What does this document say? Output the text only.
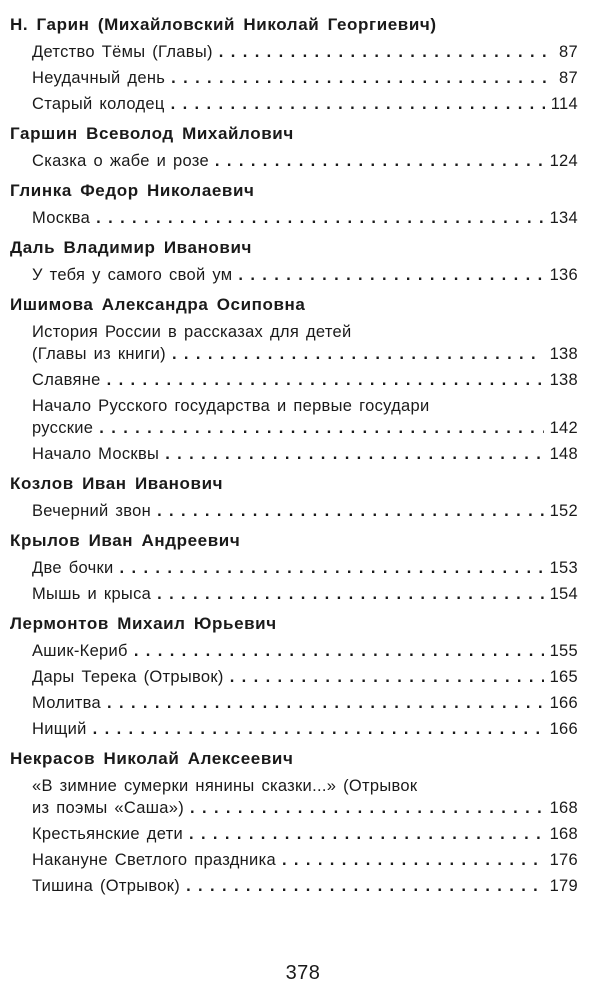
Н. Гарин (Михайловский Николай Георгиевич)
Детство Тёмы (Главы) . . .	87
Неудачный день . . .	87
Старый колодец . . .	114
Гаршин Всеволод Михайлович
Сказка о жабе и розе . . .	124
Глинка Федор Николаевич
Москва . . .	134
Даль Владимир Иванович
У тебя у самого свой ум . . .	136
Ишимова Александра Осиповна
История России в рассказах для детей
(Главы из книги) . . .	138
Славяне . . .	138
Начало Русского государства и первые государи
русские . . .	142
Начало Москвы . . .	148
Козлов Иван Иванович
Вечерний звон . . .	152
Крылов Иван Андреевич
Две бочки . . .	153
Мышь и крыса . . .	154
Лермонтов Михаил Юрьевич
Ашик-Кериб . . .	155
Дары Терека (Отрывок) . . .	165
Молитва . . .	166
Нищий . . .	166
Некрасов Николай Алексеевич
«В зимние сумерки нянины сказки...» (Отрывок
из поэмы «Саша») . . .	168
Крестьянские дети . . .	168
Накануне Светлого праздника . . .	176
Тишина (Отрывок) . . .	179
378
